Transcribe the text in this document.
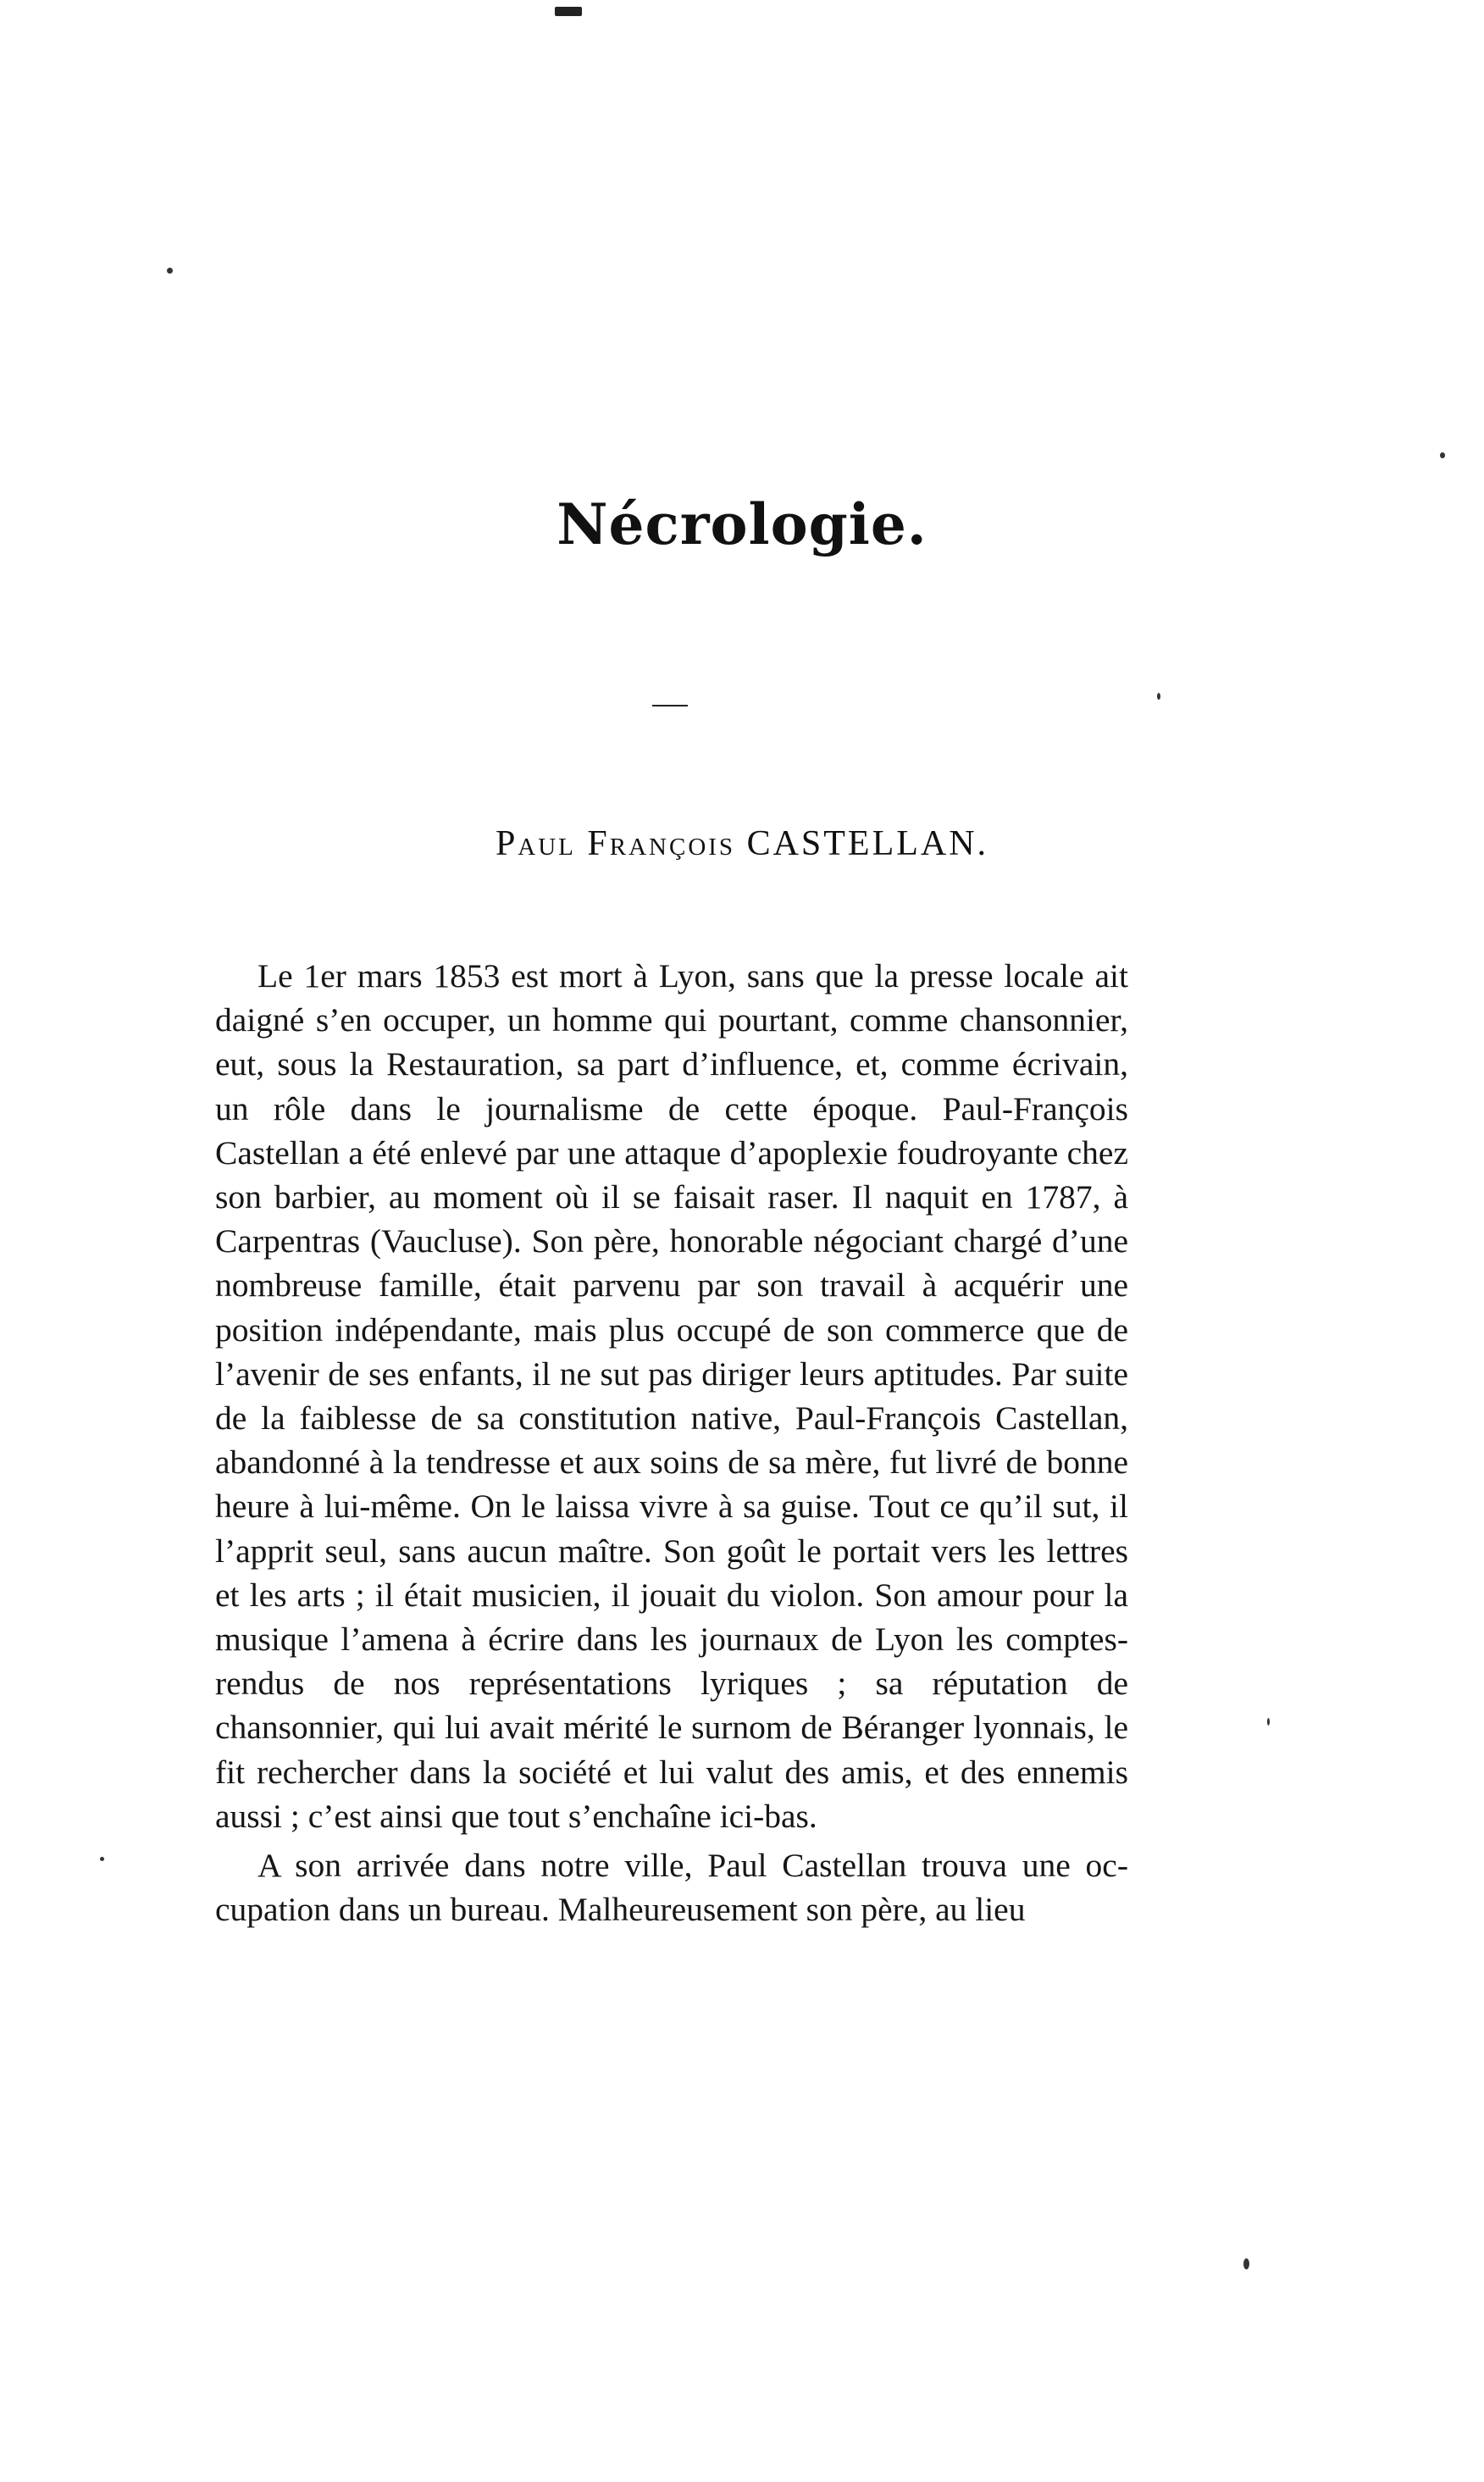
Nécrologie.
Paul François CASTELLAN.

Le 1er mars 1853 est mort à Lyon, sans que la presse locale ait daigné s’en occuper, un homme qui pourtant, comme chansonnier, eut, sous la Restauration, sa part d’influence, et, comme écrivain, un rôle dans le journalisme de cette époque. Paul-François Castellan a été enlevé par une attaque d’apoplexie foudroyante chez son barbier, au moment où il se faisait raser. Il naquit en 1787, à Carpentras (Vaucluse). Son père, honorable négociant chargé d’une nombreuse famille, était parvenu par son travail à acquérir une position indépendante, mais plus occupé de son commerce que de l’avenir de ses enfants, il ne sut pas diriger leurs aptitudes. Par suite de la faiblesse de sa constitution native, Paul-François Castellan, abandonné à la tendresse et aux soins de sa mère, fut livré de bonne heure à lui-même. On le laissa vivre à sa guise. Tout ce qu’il sut, il l’apprit seul, sans aucun maître. Son goût le portait vers les lettres et les arts ; il était musicien, il jouait du violon. Son amour pour la musique l’amena à écrire dans les journaux de Lyon les comptes-rendus de nos représentations lyriques ; sa réputation de chansonnier, qui lui avait mérité le surnom de Béranger lyonnais, le fit rechercher dans la société et lui valut des amis, et des ennemis aussi ; c’est ainsi que tout s’enchaîne ici-bas.

A son arrivée dans notre ville, Paul Castellan trouva une occupation dans un bureau. Malheureusement son père, au lieu
